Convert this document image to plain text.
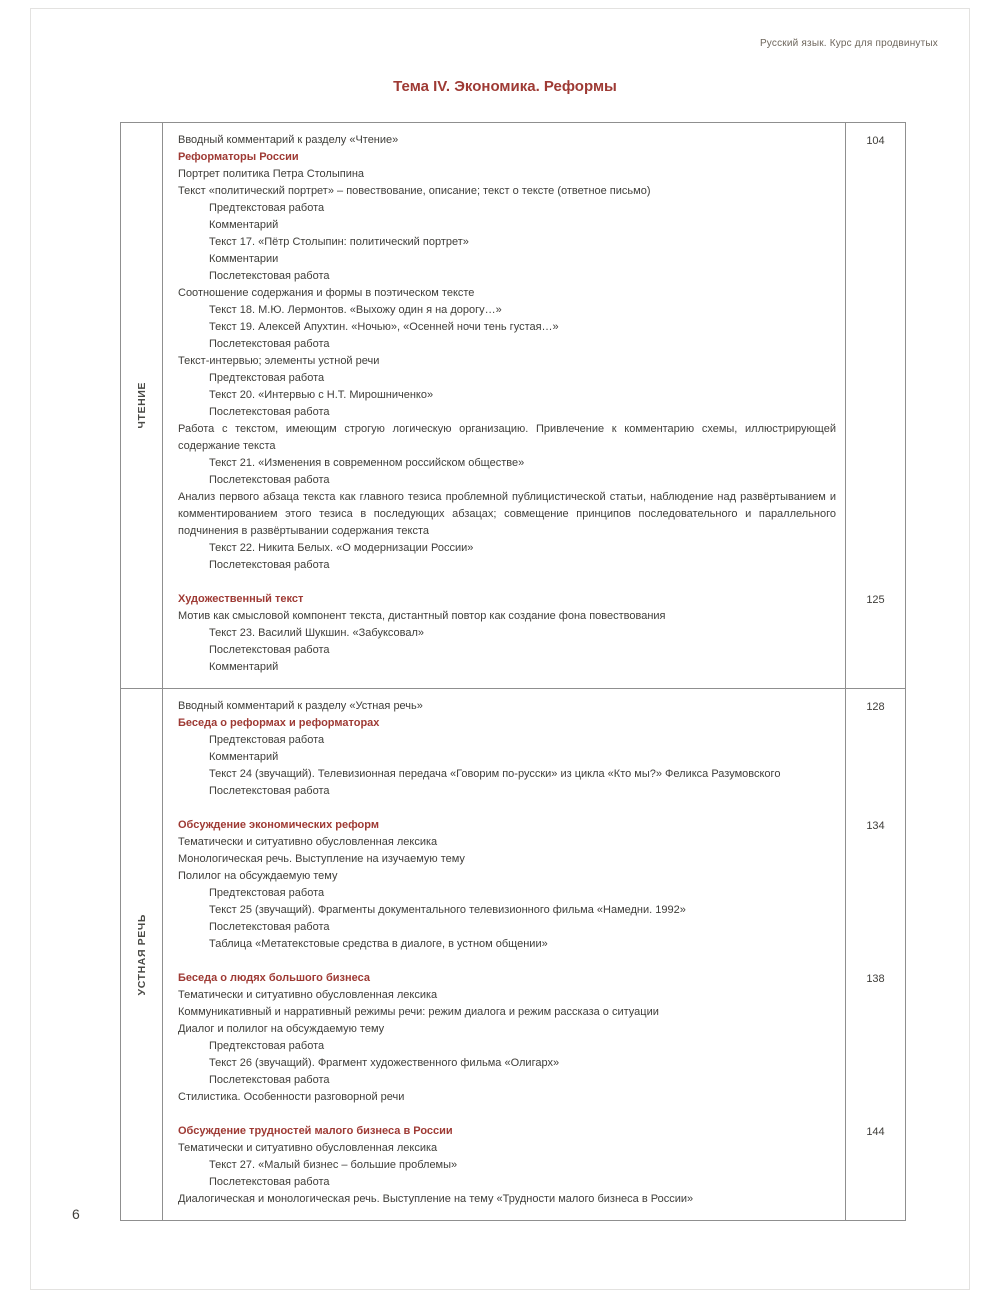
Русский язык. Курс для продвинутых
Тема IV. Экономика. Реформы
ЧТЕНИЕ
Вводный комментарий к разделу «Чтение»
Реформаторы России
Портрет политика Петра Столыпина
Текст «политический портрет» – повествование, описание; текст о тексте (ответное письмо)
Предтекстовая работа
Комментарий
Текст 17. «Пётр Столыпин: политический портрет»
Комментарии
Послетекстовая работа
Соотношение содержания и формы в поэтическом тексте
Текст 18. М.Ю. Лермонтов. «Выхожу один я на дорогу…»
Текст 19. Алексей Апухтин. «Ночью», «Осенней ночи тень густая…»
Послетекстовая работа
Текст-интервью; элементы устной речи
Предтекстовая работа
Текст 20. «Интервью с Н.Т. Мирошниченко»
Послетекстовая работа
Работа с текстом, имеющим строгую логическую организацию. Привлечение к комментарию схемы, иллюстрирующей содержание текста
Текст 21. «Изменения в современном российском обществе»
Послетекстовая работа
Анализ первого абзаца текста как главного тезиса проблемной публицистической статьи, наблюдение над развёртыванием и комментированием этого тезиса в последующих абзацах; совмещение принципов последовательного и параллельного подчинения в развёртывании содержания текста
Текст 22. Никита Белых. «О модернизации России»
Послетекстовая работа
104
Художественный текст
Мотив как смысловой компонент текста, дистантный повтор как создание фона повествования
Текст 23. Василий Шукшин. «Забуксовал»
Послетекстовая работа
Комментарий
125
УСТНАЯ РЕЧЬ
Вводный комментарий к разделу «Устная речь»
Беседа о реформах и реформаторах
Предтекстовая работа
Комментарий
Текст 24 (звучащий). Телевизионная передача «Говорим по-русски» из цикла «Кто мы?» Феликса Разумовского
Послетекстовая работа
128
Обсуждение экономических реформ
Тематически и ситуативно обусловленная лексика
Монологическая речь. Выступление на изучаемую тему
Полилог на обсуждаемую тему
Предтекстовая работа
Текст 25 (звучащий). Фрагменты документального телевизионного фильма «Намедни. 1992»
Послетекстовая работа
Таблица «Метатекстовые средства в диалоге, в устном общении»
134
Беседа о людях большого бизнеса
Тематически и ситуативно обусловленная лексика
Коммуникативный и нарративный режимы речи: режим диалога и режим рассказа о ситуации
Диалог и полилог на обсуждаемую тему
Предтекстовая работа
Текст 26 (звучащий). Фрагмент художественного фильма «Олигарх»
Послетекстовая работа
Стилистика. Особенности разговорной речи
138
Обсуждение трудностей малого бизнеса в России
Тематически и ситуативно обусловленная лексика
Текст 27. «Малый бизнес – большие проблемы»
Послетекстовая работа
Диалогическая и монологическая речь. Выступление на тему «Трудности малого бизнеса в России»
144
6
